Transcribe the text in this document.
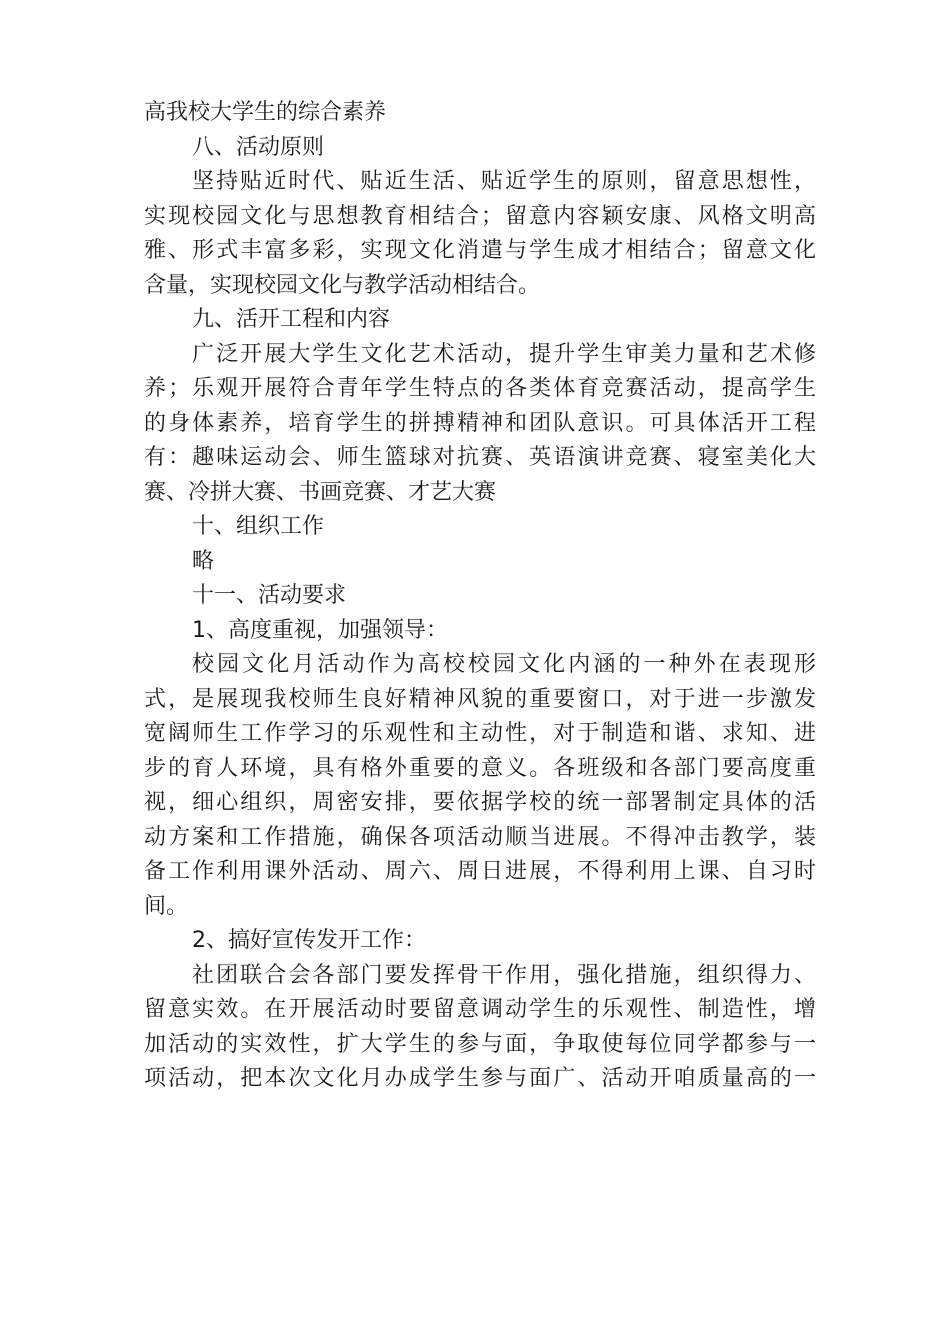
高我校大学生的综合素养
八、活动原则
坚持贴近时代、贴近生活、贴近学生的原则，留意思想性，
实现校园文化与思想教育相结合；留意内容颖安康、风格文明高
雅、形式丰富多彩，实现文化消遣与学生成才相结合；留意文化
含量，实现校园文化与教学活动相结合。
九、活开工程和内容
广泛开展大学生文化艺术活动，提升学生审美力量和艺术修
养；乐观开展符合青年学生特点的各类体育竞赛活动，提高学生
的身体素养，培育学生的拼搏精神和团队意识。可具体活开工程
有：趣味运动会、师生篮球对抗赛、英语演讲竞赛、寝室美化大
赛、冷拼大赛、书画竞赛、才艺大赛
十、组织工作
略
十一、活动要求
1、高度重视，加强领导：
校园文化月活动作为高校校园文化内涵的一种外在表现形
式，是展现我校师生良好精神风貌的重要窗口，对于进一步激发
宽阔师生工作学习的乐观性和主动性，对于制造和谐、求知、进
步的育人环境，具有格外重要的意义。各班级和各部门要高度重
视，细心组织，周密安排，要依据学校的统一部署制定具体的活
动方案和工作措施，确保各项活动顺当进展。不得冲击教学，装
备工作利用课外活动、周六、周日进展，不得利用上课、自习时
间。
2、搞好宣传发开工作：
社团联合会各部门要发挥骨干作用，强化措施，组织得力、
留意实效。在开展活动时要留意调动学生的乐观性、制造性，增
加活动的实效性，扩大学生的参与面，争取使每位同学都参与一
项活动，把本次文化月办成学生参与面广、活动开咱质量高的一
